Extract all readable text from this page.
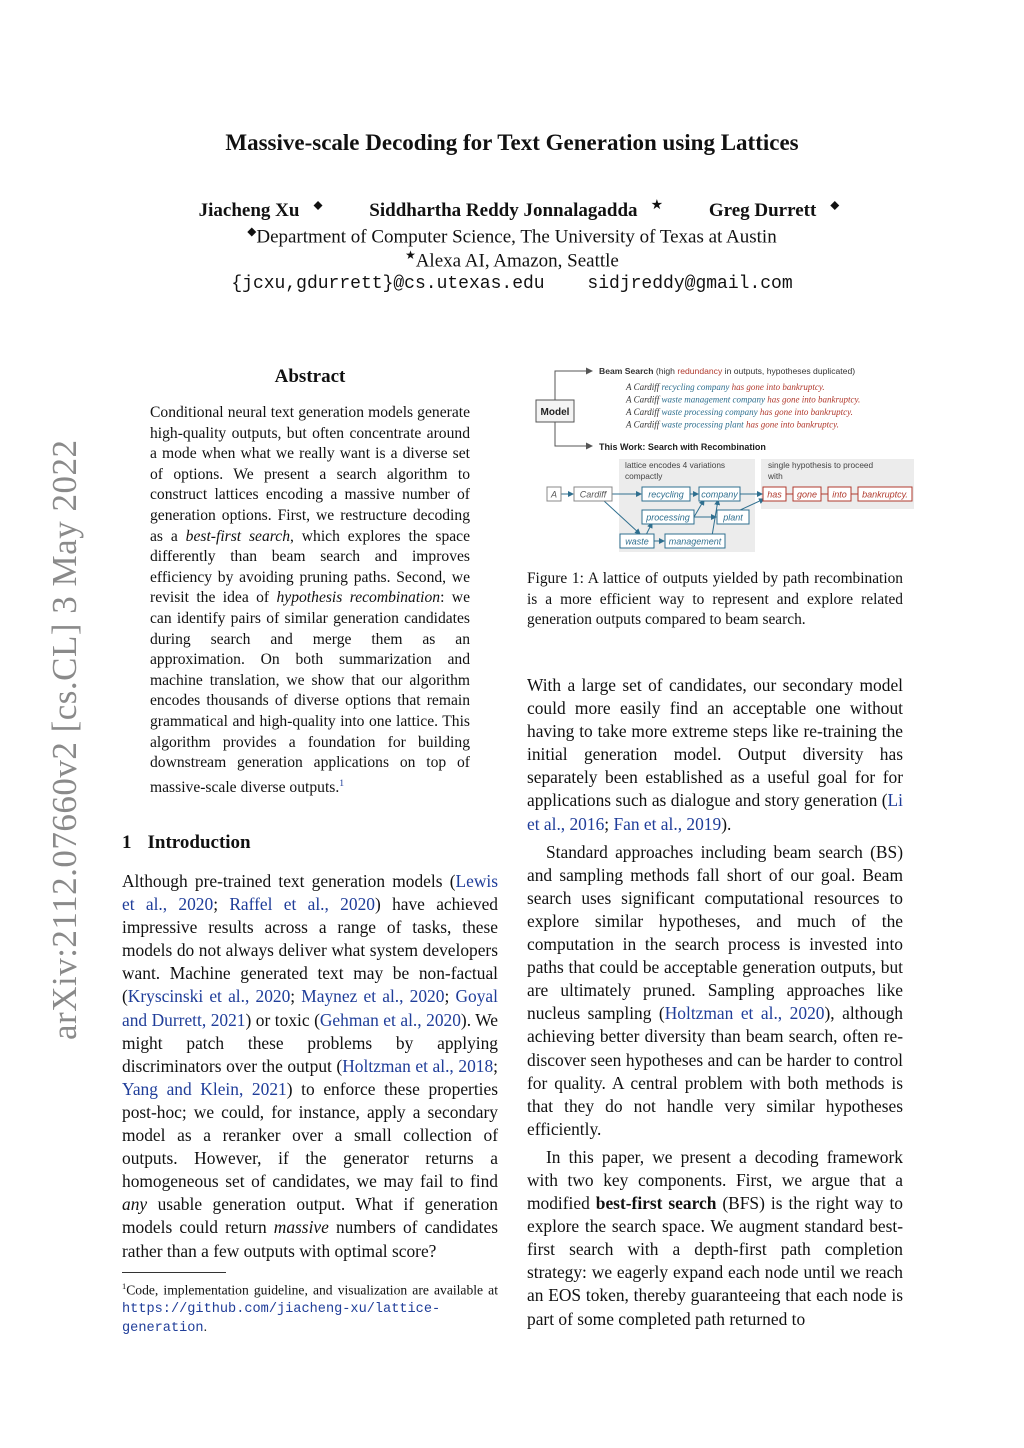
Massive-scale Decoding for Text Generation using Lattices
Jiacheng Xu ◆ Siddhartha Reddy Jonnalagadda ★ Greg Durrett ◆
◆Department of Computer Science, The University of Texas at Austin
★Alexa AI, Amazon, Seattle
{jcxu,gdurrett}@cs.utexas.edu sidjreddy@gmail.com
arXiv:2112.07660v2 [cs.CL] 3 May 2022
Abstract
Conditional neural text generation models generate high-quality outputs, but often concentrate around a mode when what we really want is a diverse set of options. We present a search algorithm to construct lattices encoding a massive number of generation options. First, we restructure decoding as a best-first search, which explores the space differently than beam search and improves efficiency by avoiding pruning paths. Second, we revisit the idea of hypothesis recombination: we can identify pairs of similar generation candidates during search and merge them as an approximation. On both summarization and machine translation, we show that our algorithm encodes thousands of diverse options that remain grammatical and high-quality into one lattice. This algorithm provides a foundation for building downstream generation applications on top of massive-scale diverse outputs.$^1$
1 Introduction

Although pre-trained text generation models (Lewis et al., 2020; Raffel et al., 2020) have achieved impressive results across a range of tasks, these models do not always deliver what system developers want. Machine generated text may be non-factual (Kryscinski et al., 2020; Maynez et al., 2020; Goyal and Durrett, 2021) or toxic (Gehman et al., 2020). We might patch these problems by applying discriminators over the output (Holtzman et al., 2018; Yang and Klein, 2021) to enforce these properties post-hoc; we could, for instance, apply a secondary model as a reranker over a small collection of outputs. However, if the generator returns a homogeneous set of candidates, we may fail to find any usable generation output. What if generation models could return massive numbers of candidates rather than a few outputs with optimal score?

$^1$Code, implementation guideline, and visualization are available at https://github.com/jiacheng-xu/lattice-generation.
Model
Beam Search (high redundancy in outputs, hypotheses duplicated)
A Cardiff recycling company has gone into bankruptcy.
A Cardiff waste management company has gone into bankruptcy.
A Cardiff waste processing company has gone into bankruptcy.
A Cardiff waste processing plant has gone into bankruptcy.
This Work: Search with Recombination
lattice encodes 4 variations
compactly
single hypothesis to proceed
with
A	Cardiff	recycling company
processing	plant
waste management
has gone into bankruptcy.
Figure 1: A lattice of outputs yielded by path recombination is a more efficient way to represent and explore related generation outputs compared to beam search.

With a large set of candidates, our secondary model could more easily find an acceptable one without having to take more extreme steps like re-training the initial generation model. Output diversity has separately been established as a useful goal for for applications such as dialogue and story generation (Li et al., 2016; Fan et al., 2019).

Standard approaches including beam search (BS) and sampling methods fall short of our goal. Beam search uses significant computational resources to explore similar hypotheses, and much of the computation in the search process is invested into paths that could be acceptable generation outputs, but are ultimately pruned. Sampling approaches like nucleus sampling (Holtzman et al., 2020), although achieving better diversity than beam search, often re-discover seen hypotheses and can be harder to control for quality. A central problem with both methods is that they do not handle very similar hypotheses efficiently.

In this paper, we present a decoding framework with two key components. First, we argue that a modified best-first search (BFS) is the right way to explore the search space. We augment standard best-first search with a depth-first path completion strategy: we eagerly expand each node until we reach an EOS token, thereby guaranteeing that each node is part of some completed path returned to
